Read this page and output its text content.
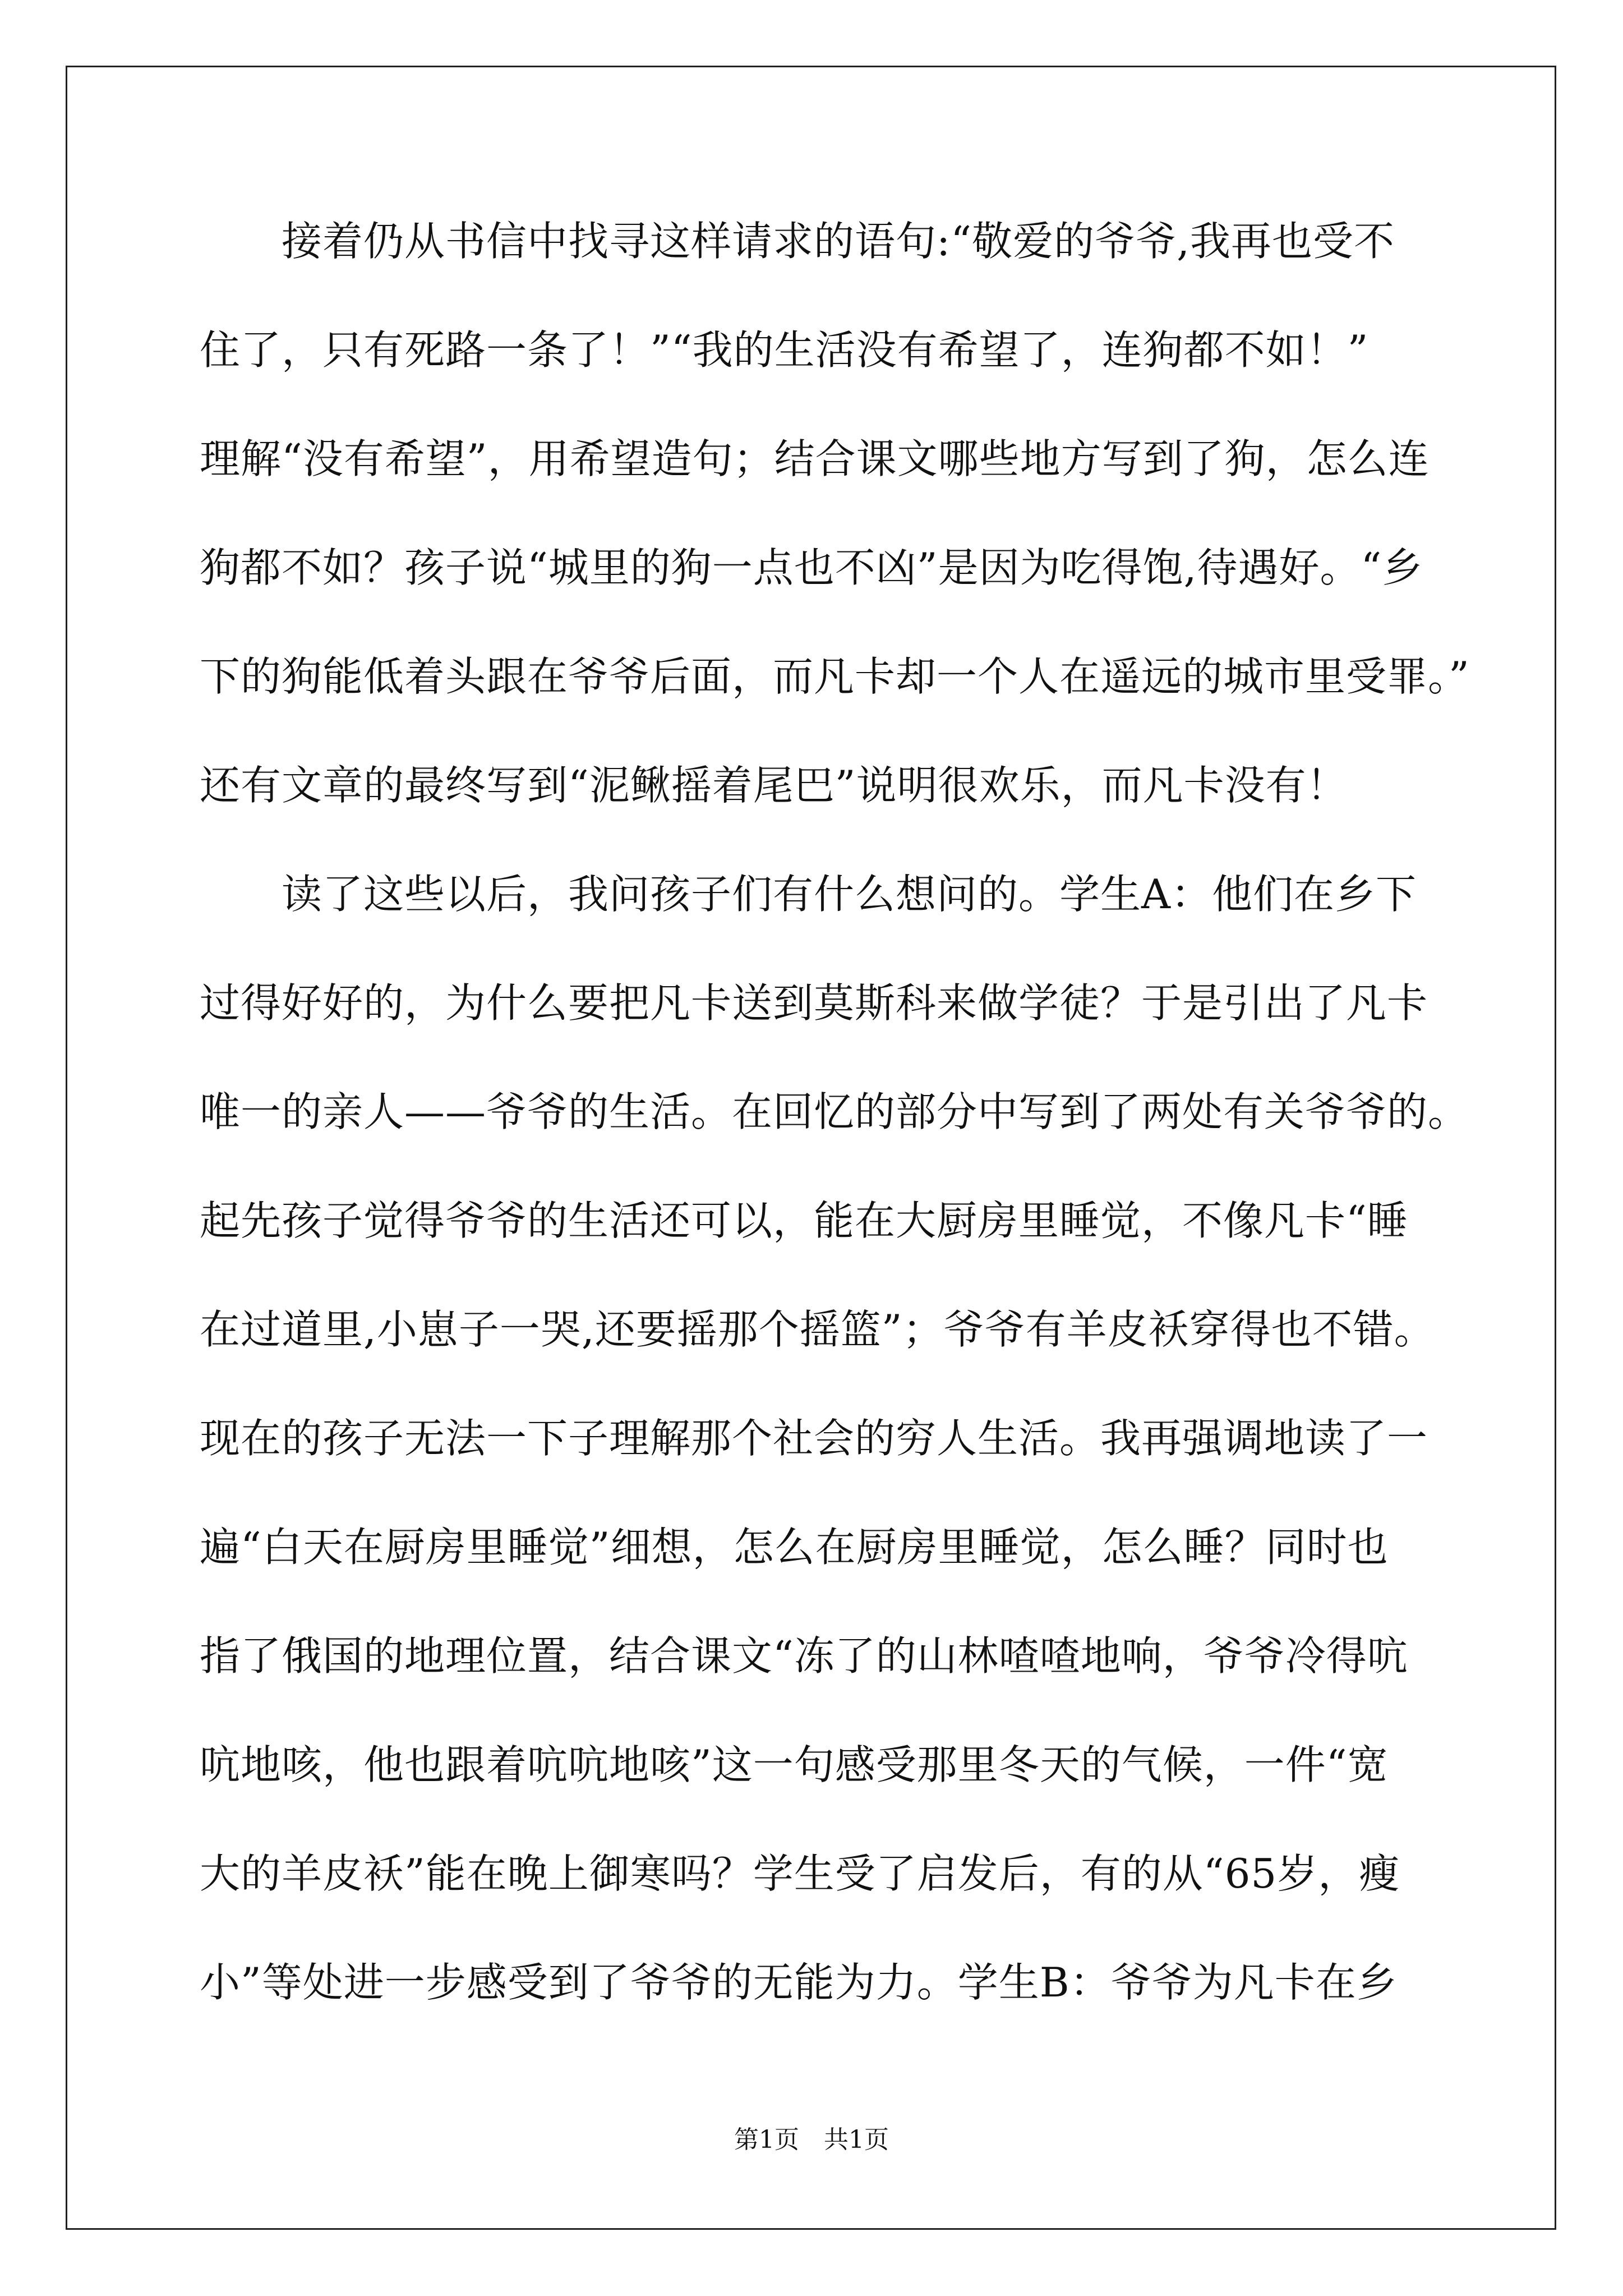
　　接着仍从书信中找寻这样请求的语句:“敬爱的爷爷,我再也受不
住了，只有死路一条了！”“我的生活没有希望了，连狗都不如！”
理解“没有希望”，用希望造句；结合课文哪些地方写到了狗，怎么连
狗都不如？孩子说“城里的狗一点也不凶”是因为吃得饱,待遇好。“乡
下的狗能低着头跟在爷爷后面，而凡卡却一个人在遥远的城市里受罪。”
还有文章的最终写到“泥鳅摇着尾巴”说明很欢乐，而凡卡没有！
　　读了这些以后，我问孩子们有什么想问的。学生A：他们在乡下
过得好好的，为什么要把凡卡送到莫斯科来做学徒？于是引出了凡卡
唯一的亲人——爷爷的生活。在回忆的部分中写到了两处有关爷爷的。
起先孩子觉得爷爷的生活还可以，能在大厨房里睡觉，不像凡卡“睡
在过道里,小崽子一哭,还要摇那个摇篮”；爷爷有羊皮袄穿得也不错。
现在的孩子无法一下子理解那个社会的穷人生活。我再强调地读了一
遍“白天在厨房里睡觉”细想，怎么在厨房里睡觉，怎么睡？同时也
指了俄国的地理位置，结合课文“冻了的山林喳喳地响，爷爷冷得吭
吭地咳，他也跟着吭吭地咳”这一句感受那里冬天的气候，一件“宽
大的羊皮袄”能在晚上御寒吗？学生受了启发后，有的从“65岁，瘦
小”等处进一步感受到了爷爷的无能为力。学生B：爷爷为凡卡在乡
第1页　共1页
